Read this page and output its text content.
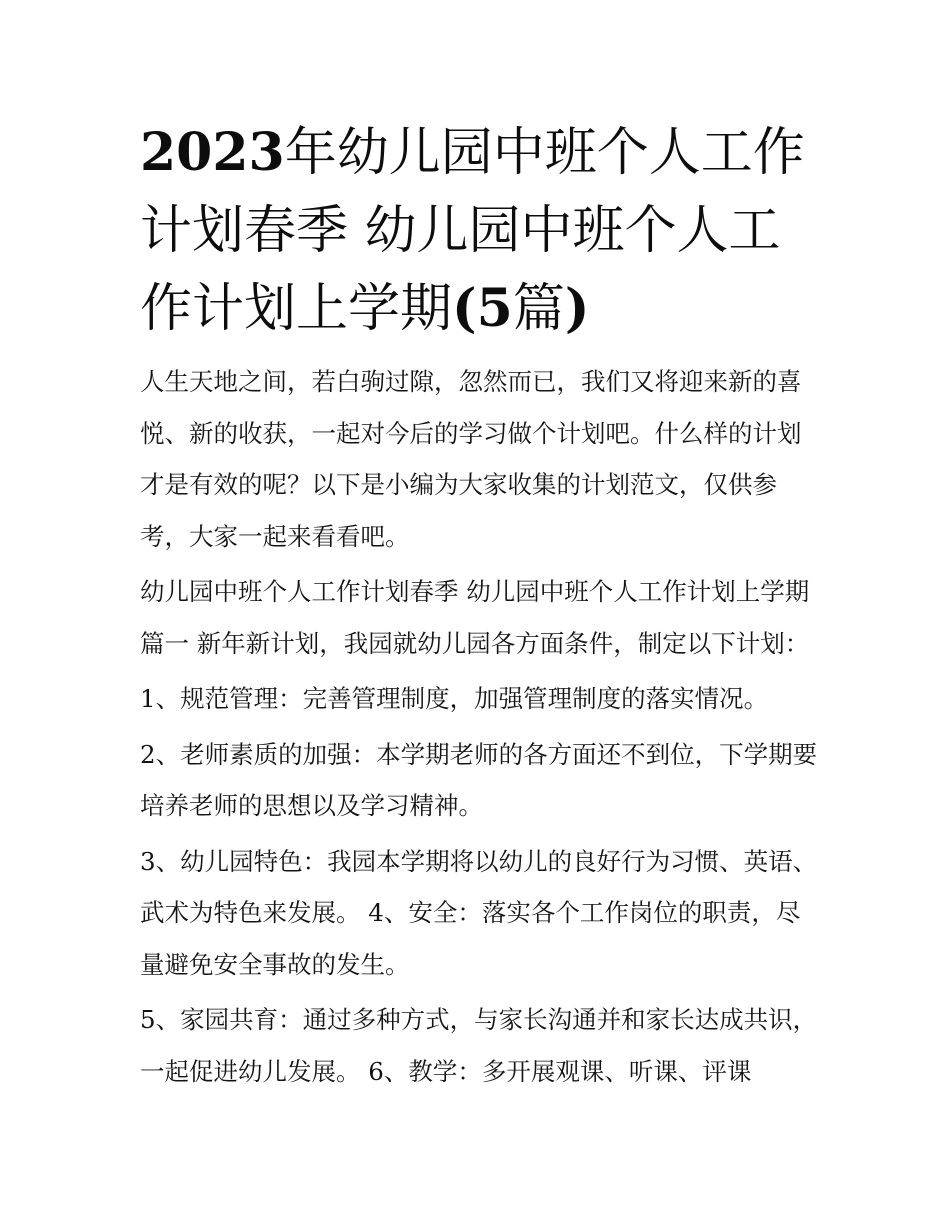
2023年幼儿园中班个人工作计划春季 幼儿园中班个人工作计划上学期(5篇)

人生天地之间，若白驹过隙，忽然而已，我们又将迎来新的喜悦、新的收获，一起对今后的学习做个计划吧。什么样的计划才是有效的呢？以下是小编为大家收集的计划范文，仅供参考，大家一起来看看吧。

幼儿园中班个人工作计划春季 幼儿园中班个人工作计划上学期篇一 新年新计划，我园就幼儿园各方面条件，制定以下计划：

1、规范管理：完善管理制度，加强管理制度的落实情况。

2、老师素质的加强：本学期老师的各方面还不到位，下学期要培养老师的思想以及学习精神。

3、幼儿园特色：我园本学期将以幼儿的良好行为习惯、英语、武术为特色来发展。 4、安全：落实各个工作岗位的职责，尽量避免安全事故的发生。

5、家园共育：通过多种方式，与家长沟通并和家长达成共识，一起促进幼儿发展。 6、教学：多开展观课、听课、评课
